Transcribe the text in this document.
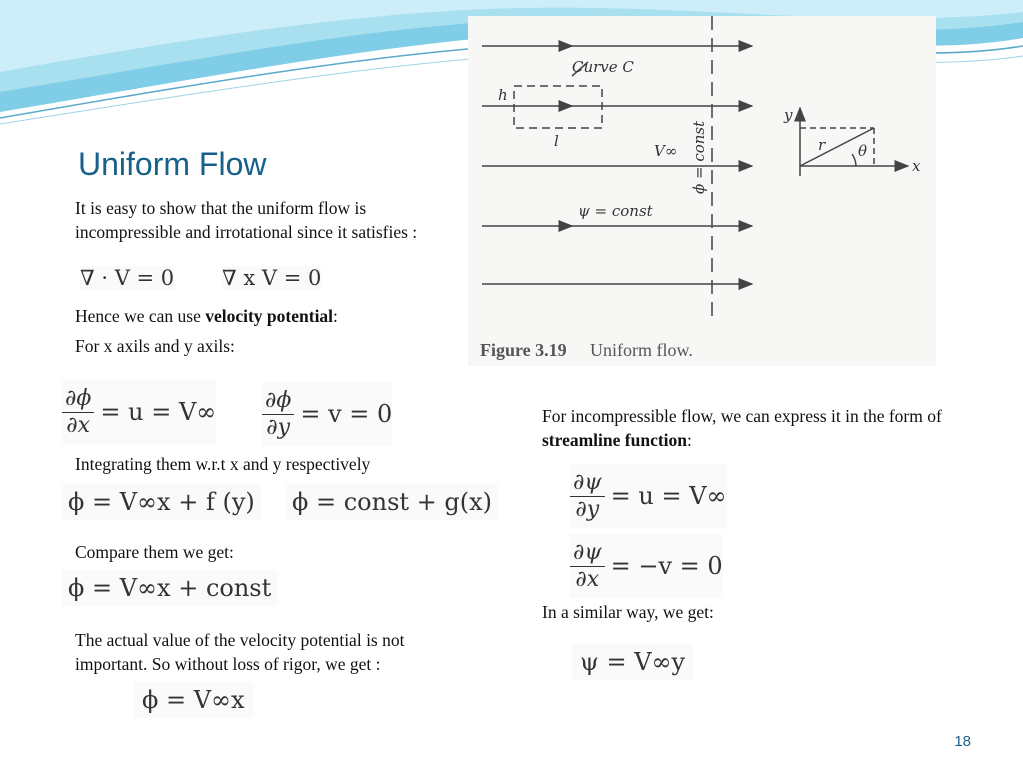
Uniform Flow
It is easy to show that the uniform flow is incompressible and irrotational since it satisfies :
∇ · V = 0 ∇ x V = 0
Hence we can use velocity potential:
For x axils and y axils:
$\frac{\partial\phi}{\partial x} = u = V\infty \frac{\partial\phi}{\partial y} = v = 0$
Integrating them w.r.t x and y respectively
ϕ = V∞x + f (y) ϕ = const + g(x)
Compare them we get:
ϕ = V∞x + const
The actual value of the velocity potential is not important. So without loss of rigor, we get :
ϕ = V∞x
For incompressible flow, we can express it in the form of streamline function:
$\frac{\partial\psi}{\partial y} = u = V\infty$
$\frac{\partial\psi}{\partial x} = -v = 0$
In a similar way, we get:
ψ = V∞y
Curve C
h
l
V∞ ϕ = const
ψ = const
y
x
r θ
Figure 3.19 Uniform flow.
18
